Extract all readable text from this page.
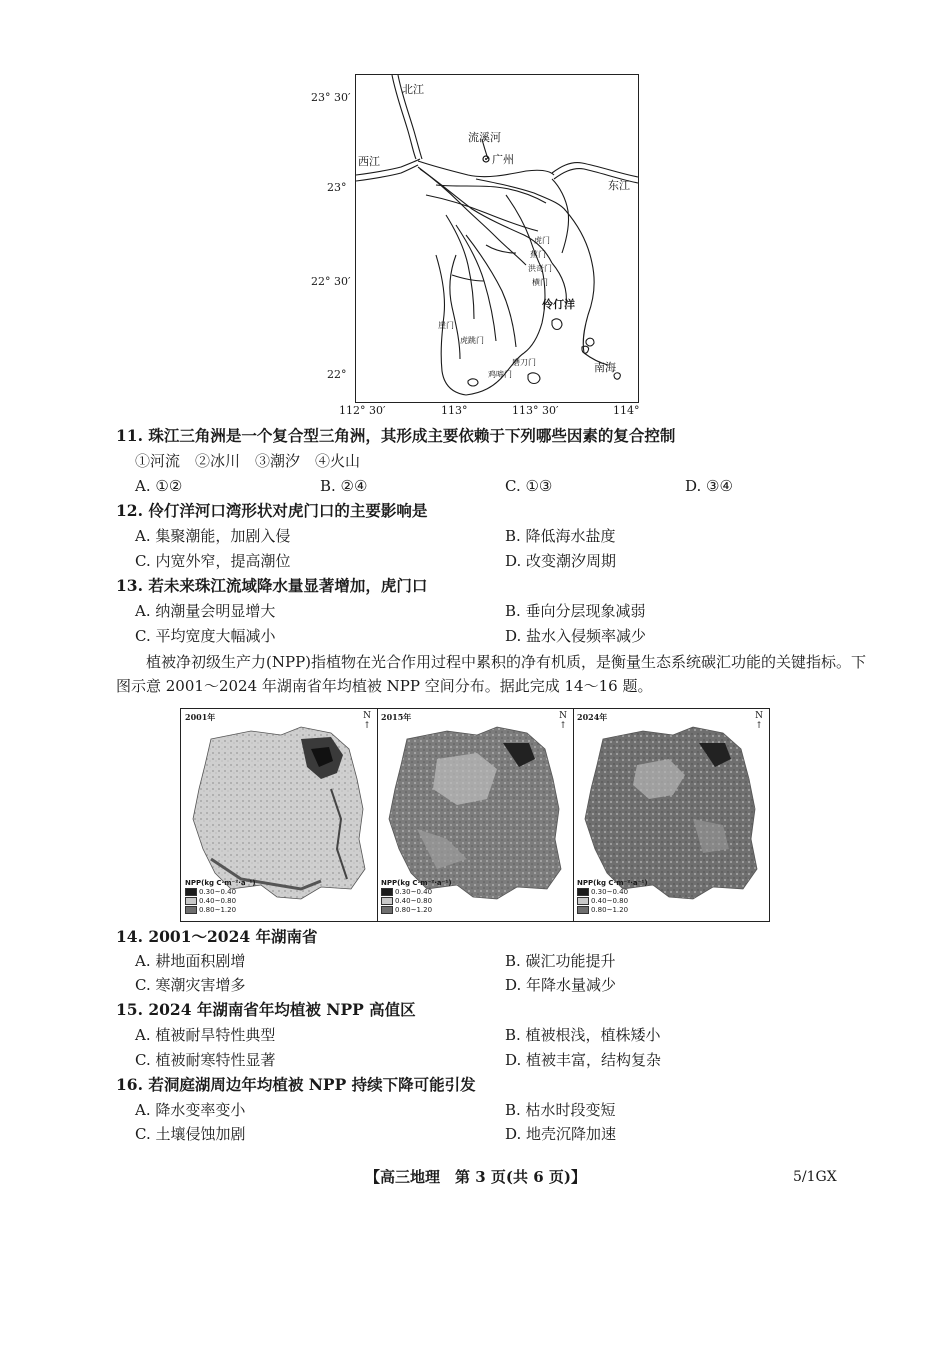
23° 30′
23°
22° 30′
22°
北江
西江
东江
流溪河
广州
伶仃洋
南海
虎门
蕉门
洪奇门
横门
崖门
虎跳门
鸡啼门
磨刀门
112° 30′	113°	113° 30′	114°
11. 珠江三角洲是一个复合型三角洲，其形成主要依赖于下列哪些因素的复合控制
①河流　②冰川　③潮汐　④火山
A. ①②	B. ②④	C. ①③	D. ③④
12. 伶仃洋河口湾形状对虎门口的主要影响是
A. 集聚潮能，加剧入侵	B. 降低海水盐度
C. 内宽外窄，提高潮位	D. 改变潮汐周期
13. 若未来珠江流域降水量显著增加，虎门口
A. 纳潮量会明显增大	B. 垂向分层现象减弱
C. 平均宽度大幅减小	D. 盐水入侵频率减少
植被净初级生产力(NPP)指植物在光合作用过程中累积的净有机质，是衡量生态系统碳汇功能的关键指标。下图示意 2001～2024 年湖南省年均植被 NPP 空间分布。据此完成 14～16 题。
2001年	N
↑
NPP(kg C·m⁻²·a⁻¹)
0.30~0.40
0.40~0.80
0.80~1.20
2015年	N
↑
NPP(kg C·m⁻²·a⁻¹)
0.30~0.40
0.40~0.80
0.80~1.20
2024年	N
↑
NPP(kg C·m⁻²·a⁻¹)
0.30~0.40
0.40~0.80
0.80~1.20
14. 2001～2024 年湖南省
A. 耕地面积剧增	B. 碳汇功能提升
C. 寒潮灾害增多	D. 年降水量减少
15. 2024 年湖南省年均植被 NPP 高值区
A. 植被耐旱特性典型	B. 植被根浅，植株矮小
C. 植被耐寒特性显著	D. 植被丰富，结构复杂
16. 若洞庭湖周边年均植被 NPP 持续下降可能引发
A. 降水变率变小	B. 枯水时段变短
C. 土壤侵蚀加剧	D. 地壳沉降加速
【高三地理　第 3 页(共 6 页)】	5/1GX
